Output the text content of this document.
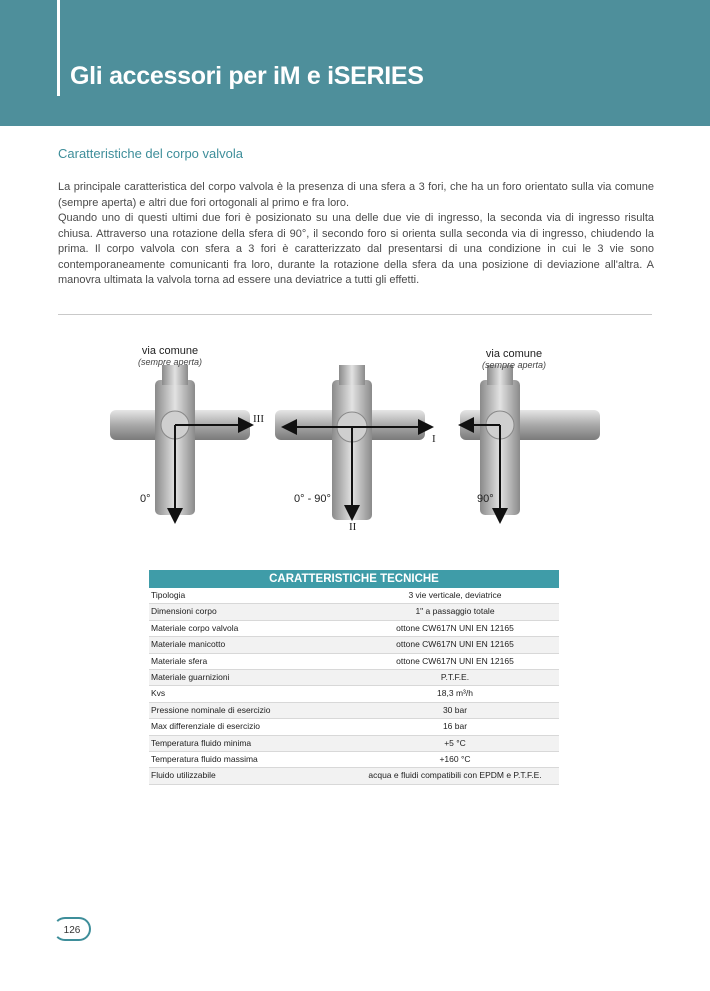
Gli accessori per iM e iSERIES
Caratteristiche del corpo valvola

La principale caratteristica del corpo valvola è la presenza di una sfera a 3 fori, che ha un foro orientato sulla via comune (sempre aperta) e altri due fori ortogonali al primo e fra loro.

Quando uno di questi ultimi due fori è posizionato su una delle due vie di ingresso, la seconda via di ingresso risulta chiusa. Attraverso una rotazione della sfera di 90°, il secondo foro si orienta sulla seconda via di ingresso, chiudendo la prima. Il corpo valvola con sfera a 3 fori è caratterizzato dal presentarsi di una condizione in cui le 3 vie sono contemporaneamente comunicanti fra loro, durante la rotazione della sfera da una posizione di deviazione all'altra. A manovra ultimata la valvola torna ad essere una deviatrice a tutti gli effetti.

via comune
(sempre aperta)
via comune
(sempre aperta)
0°	0° - 90°	90°
III
I
II
CARATTERISTICHE TECNICHE
Tipologia	3 vie verticale, deviatrice
Dimensioni corpo	1" a passaggio totale
Materiale corpo valvola	ottone CW617N UNI EN 12165
Materiale manicotto	ottone CW617N UNI EN 12165
Materiale sfera	ottone CW617N UNI EN 12165
Materiale guarnizioni	P.T.F.E.
Kvs	18,3 m³/h
Pressione nominale di esercizio	30 bar
Max differenziale di esercizio	16 bar
Temperatura fluido minima	+5 °C
Temperatura fluido massima	+160 °C
Fluido utilizzabile	acqua e fluidi compatibili con EPDM e P.T.F.E.
126
